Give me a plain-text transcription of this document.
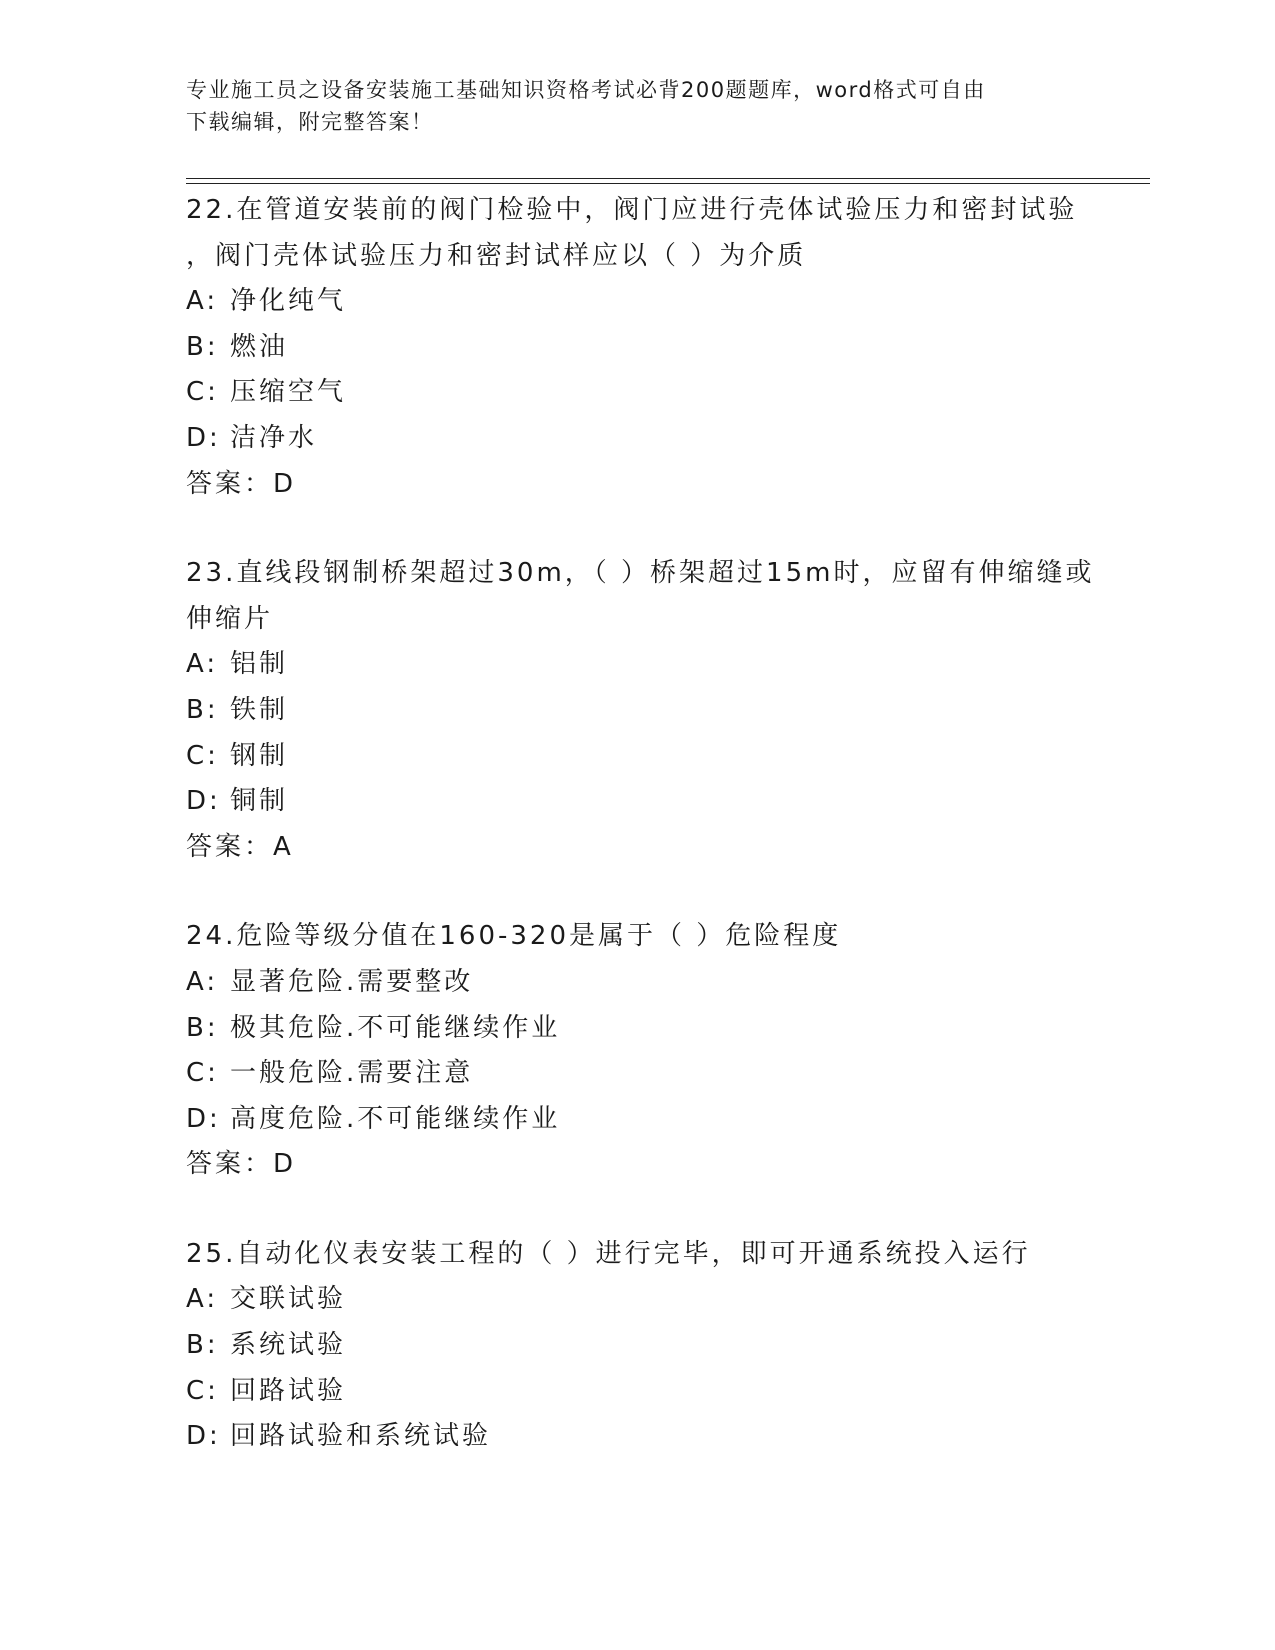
专业施工员之设备安装施工基础知识资格考试必背200题题库，word格式可自由
下载编辑，附完整答案！
22.在管道安装前的阀门检验中，阀门应进行壳体试验压力和密封试验
，阀门壳体试验压力和密封试样应以（ ）为介质
A: 净化纯气
B: 燃油
C: 压缩空气
D: 洁净水
答案：D
23.直线段钢制桥架超过30m，（ ）桥架超过15m时，应留有伸缩缝或
伸缩片
A: 铝制
B: 铁制
C: 钢制
D: 铜制
答案：A
24.危险等级分值在160-320是属于（ ）危险程度
A: 显著危险.需要整改
B: 极其危险.不可能继续作业
C: 一般危险.需要注意
D: 高度危险.不可能继续作业
答案：D
25.自动化仪表安装工程的（ ）进行完毕，即可开通系统投入运行
A: 交联试验
B: 系统试验
C: 回路试验
D: 回路试验和系统试验
